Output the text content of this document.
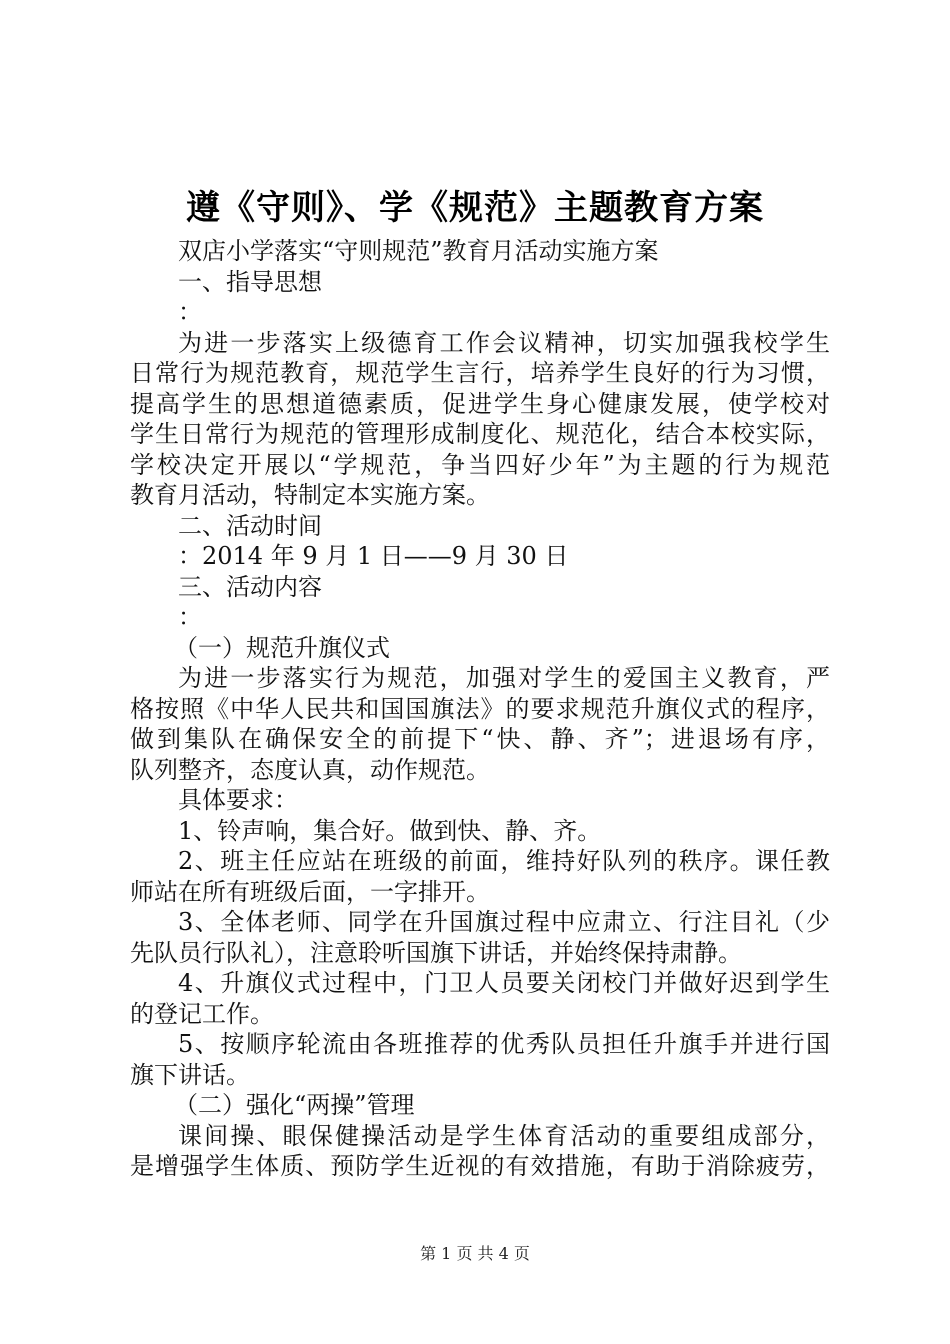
遵《守则》、学《规范》主题教育方案
双店小学落实“守则规范”教育月活动实施方案
一、指导思想
：
为进一步落实上级德育工作会议精神，切实加强我校学生
日常行为规范教育，规范学生言行，培养学生良好的行为习惯，
提高学生的思想道德素质，促进学生身心健康发展，使学校对
学生日常行为规范的管理形成制度化、规范化，结合本校实际，
学校决定开展以“学规范，争当四好少年”为主题的行为规范
教育月活动，特制定本实施方案。
二、活动时间
：2014 年 9 月 1 日——9 月 30 日
三、活动内容
：
（一）规范升旗仪式
为进一步落实行为规范，加强对学生的爱国主义教育，严
格按照《中华人民共和国国旗法》的要求规范升旗仪式的程序，
做到集队在确保安全的前提下“快、静、齐”；进退场有序，
队列整齐，态度认真，动作规范。
具体要求：
1、铃声响，集合好。做到快、静、齐。
2、班主任应站在班级的前面，维持好队列的秩序。课任教
师站在所有班级后面，一字排开。
3、全体老师、同学在升国旗过程中应肃立、行注目礼（少
先队员行队礼），注意聆听国旗下讲话，并始终保持肃静。
4、升旗仪式过程中，门卫人员要关闭校门并做好迟到学生
的登记工作。
5、按顺序轮流由各班推荐的优秀队员担任升旗手并进行国
旗下讲话。
（二）强化“两操”管理
课间操、眼保健操活动是学生体育活动的重要组成部分，
是增强学生体质、预防学生近视的有效措施，有助于消除疲劳，
第 1 页 共 4 页
